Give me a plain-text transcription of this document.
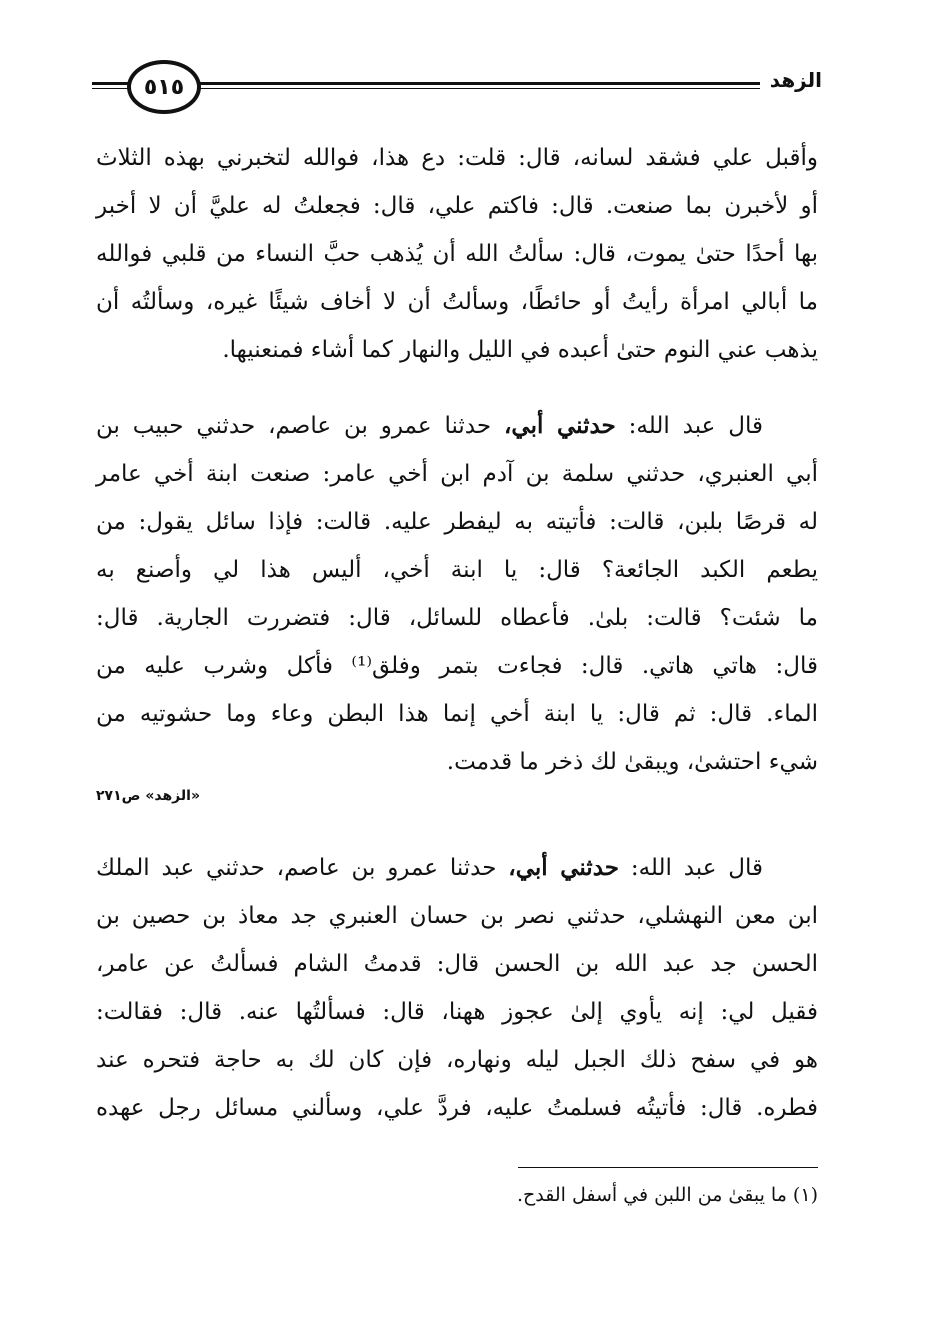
٥١٥	الزهد
وأقبل علي فشقد لسانه، قال: قلت: دع هذا، فوالله لتخبرني بهذه الثلاث
أو لأخبرن بما صنعت. قال: فاكتم علي، قال: فجعلتُ له عليَّ أن لا أخبر
بها أحدًا حتىٰ يموت، قال: سألتُ الله أن يُذهب حبَّ النساء من قلبي فوالله
ما أبالي امرأة رأيتُ أو حائطًا، وسألتُ أن لا أخاف شيئًا غيره، وسألتُه أن
يذهب عني النوم حتىٰ أعبده في الليل والنهار كما أشاء فمنعنيها.
قال عبد الله: حدثني أبي، حدثنا عمرو بن عاصم، حدثني حبيب بن
أبي العنبري، حدثني سلمة بن آدم ابن أخي عامر: صنعت ابنة أخي عامر
له قرصًا بلبن، قالت: فأتيته به ليفطر عليه. قالت: فإذا سائل يقول: من
يطعم الكبد الجائعة؟ قال: يا ابنة أخي، أليس هذا لي وأصنع به
ما شئت؟ قالت: بلىٰ. فأعطاه للسائل، قال: فتضررت الجارية. قال:
قال: هاتي هاتي. قال: فجاءت بتمر وفلق⁽¹⁾ فأكل وشرب عليه من
الماء. قال: ثم قال: يا ابنة أخي إنما هذا البطن وعاء وما حشوتيه من
شيء احتشىٰ، ويبقىٰ لك ذخر ما قدمت.
«الزهد» ص٢٧١
قال عبد الله: حدثني أبي، حدثنا عمرو بن عاصم، حدثني عبد الملك
ابن معن النهشلي، حدثني نصر بن حسان العنبري جد معاذ بن حصين بن
الحسن جد عبد الله بن الحسن قال: قدمتُ الشام فسألتُ عن عامر،
فقيل لي: إنه يأوي إلىٰ عجوز ههنا، قال: فسألتُها عنه. قال: فقالت:
هو في سفح ذلك الجبل ليله ونهاره، فإن كان لك به حاجة فتحره عند
فطره. قال: فأتيتُه فسلمتُ عليه، فردَّ علي، وسألني مسائل رجل عهده
(١) ما يبقىٰ من اللبن في أسفل القدح.
